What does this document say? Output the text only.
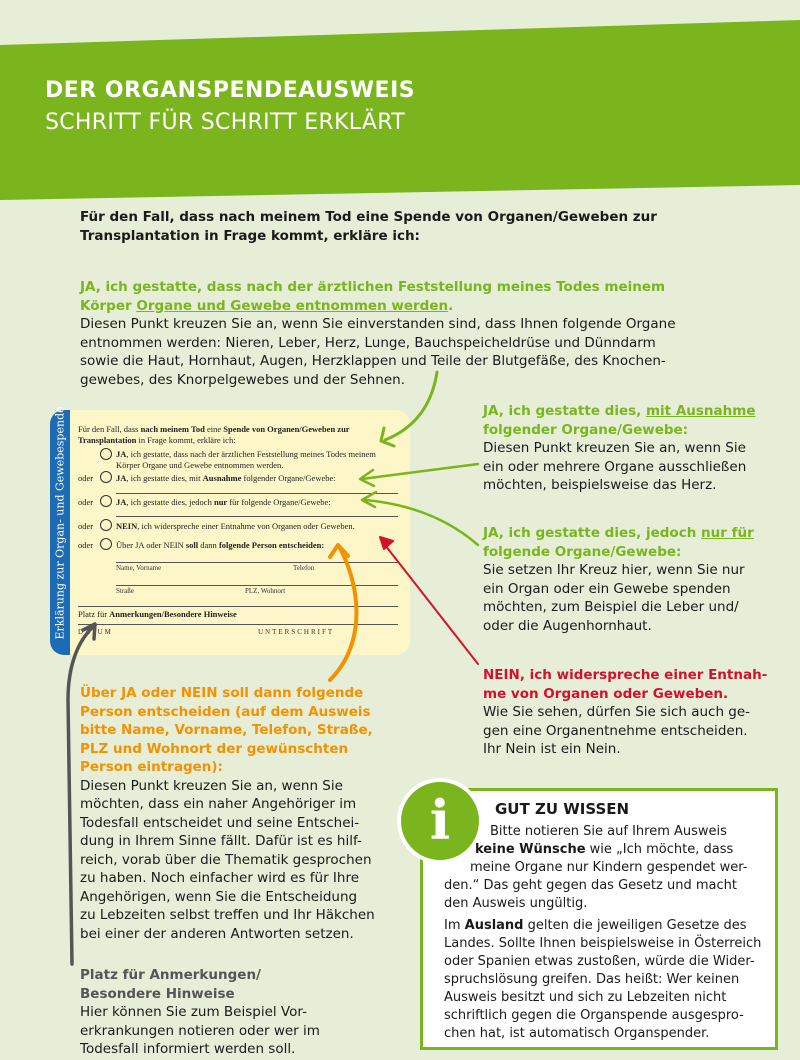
DER ORGANSPENDEAUSWEIS
SCHRITT FÜR SCHRITT ERKLÄRT

Für den Fall, dass nach meinem Tod eine Spende von Organen/Geweben zur
Transplantation in Frage kommt, erkläre ich:

JA, ich gestatte, dass nach der ärztlichen Feststellung meines Todes meinem
Körper Organe und Gewebe entnommen werden.
Diesen Punkt kreuzen Sie an, wenn Sie einverstanden sind, dass Ihnen folgende Organe
entnommen werden: Nieren, Leber, Herz, Lunge, Bauchspeicheldrüse und Dünndarm
sowie die Haut, Hornhaut, Augen, Herzklappen und Teile der Blutgefäße, des Knochen-
gewebes, des Knorpelgewebes und der Sehnen.

JA, ich gestatte dies, mit Ausnahme
folgender Organe/Gewebe:
Diesen Punkt kreuzen Sie an, wenn Sie
ein oder mehrere Organe ausschließen
möchten, beispielsweise das Herz.

JA, ich gestatte dies, jedoch nur für
folgende Organe/Gewebe:
Sie setzen Ihr Kreuz hier, wenn Sie nur
ein Organ oder ein Gewebe spenden
möchten, zum Beispiel die Leber und/
oder die Augenhornhaut.

NEIN, ich widerspreche einer Entnah-
me von Organen oder Geweben.
Wie Sie sehen, dürfen Sie sich auch ge-
gen eine Organentnehme entscheiden.
Ihr Nein ist ein Nein.

Über JA oder NEIN soll dann folgende
Person entscheiden (auf dem Ausweis
bitte Name, Vorname, Telefon, Straße,
PLZ und Wohnort der gewünschten
Person eintragen):
Diesen Punkt kreuzen Sie an, wenn Sie
möchten, dass ein naher Angehöriger im
Todesfall entscheidet und seine Entschei-
dung in Ihrem Sinne fällt. Dafür ist es hilf-
reich, vorab über die Thematik gesprochen
zu haben. Noch einfacher wird es für Ihre
Angehörigen, wenn Sie die Entscheidung
zu Lebzeiten selbst treffen und Ihr Häkchen
bei einer der anderen Antworten setzen.

Platz für Anmerkungen/
Besondere Hinweise
Hier können Sie zum Beispiel Vor-
erkrankungen notieren oder wer im
Todesfall informiert werden soll.

Erklärung zur Organ- und Gewebespende Für den Fall, dass nach meinem Tod eine Spende von Organen/Geweben zur
Transplantation in Frage kommt, erkläre ich:

JA, ich gestatte, dass nach der ärztlichen Feststellung meines Todes meinem
Körper Organe und Gewebe entnommen werden.

oder	JA, ich gestatte dies, mit Ausnahme folgender Organe/Gewebe:

oder	JA, ich gestatte dies, jedoch nur für folgende Organe/Gewebe:

oder	NEIN, ich widerspreche einer Entnahme von Organen oder Geweben.

oder	Über JA oder NEIN soll dann folgende Person entscheiden:

Name, Vorname	Telefon
Straße	PLZ, Wohnort

Platz für Anmerkungen/Besondere Hinweise

DATUM	UNTERSCHRIFT
i	GUT ZU WISSEN

Bitte notieren Sie auf Ihrem Ausweis

keine Wünsche wie „Ich möchte, dass

meine Organe nur Kindern gespendet wer-

den.“ Das geht gegen das Gesetz und macht
den Ausweis ungültig.

Im Ausland gelten die jeweiligen Gesetze des
Landes. Sollte Ihnen beispielsweise in Österreich
oder Spanien etwas zustoßen, würde die Wider-
spruchslösung greifen. Das heißt: Wer keinen
Ausweis besitzt und sich zu Lebzeiten nicht
schriftlich gegen die Organspende ausgespro-
chen hat, ist automatisch Organspender.
